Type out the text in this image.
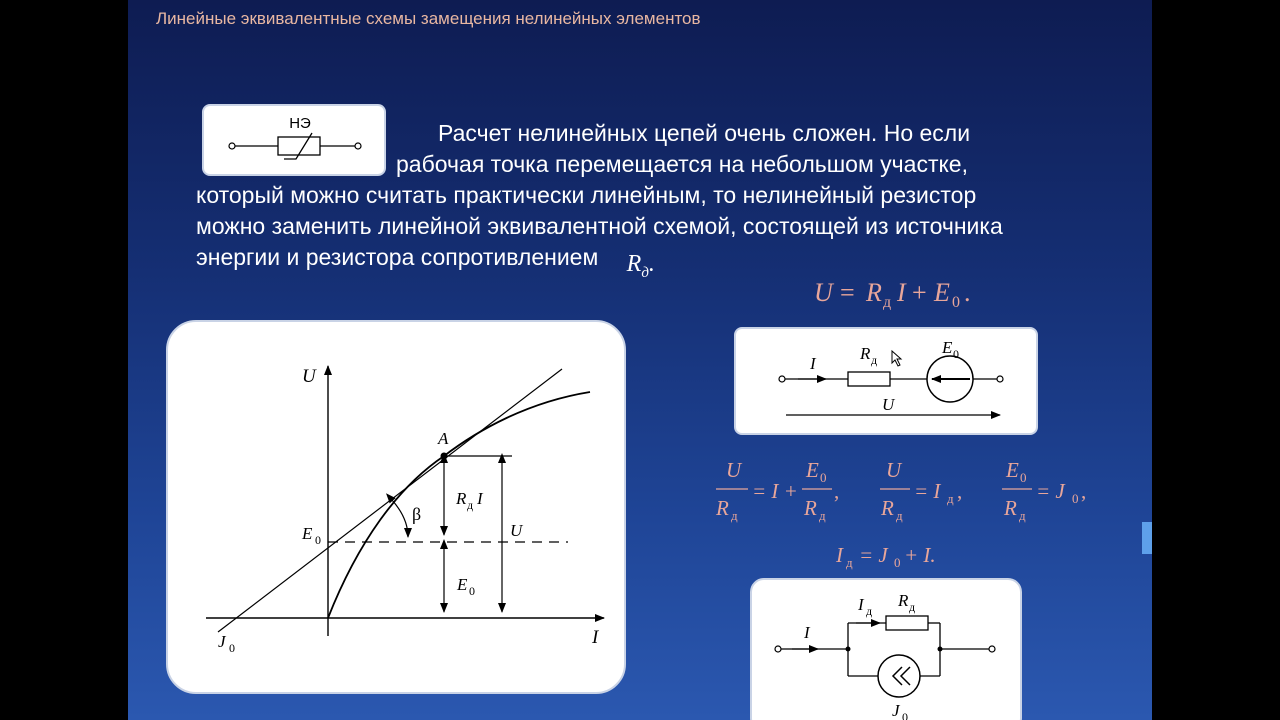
Линейные эквивалентные схемы замещения нелинейных элементов
НЭ	Расчет нелинейных цепей очень сложен. Но если
рабочая точка перемещается на небольшом участке,
который можно считать практически линейным, то нелинейный резистор
можно заменить линейной эквивалентной схемой, состоящей из источника
энергии и резистора сопротивлением $R_д$.
U = R д I + E 0 .
U
R д
= I +
E 0
R д
,
U
R д
= I д ,
E 0
R д
= J 0 ,
I д = J 0 + I.
U
I
A
E 0
J 0
β
R д I
E 0
U
I
R д
E 0
U
I
I д
R д
J 0
